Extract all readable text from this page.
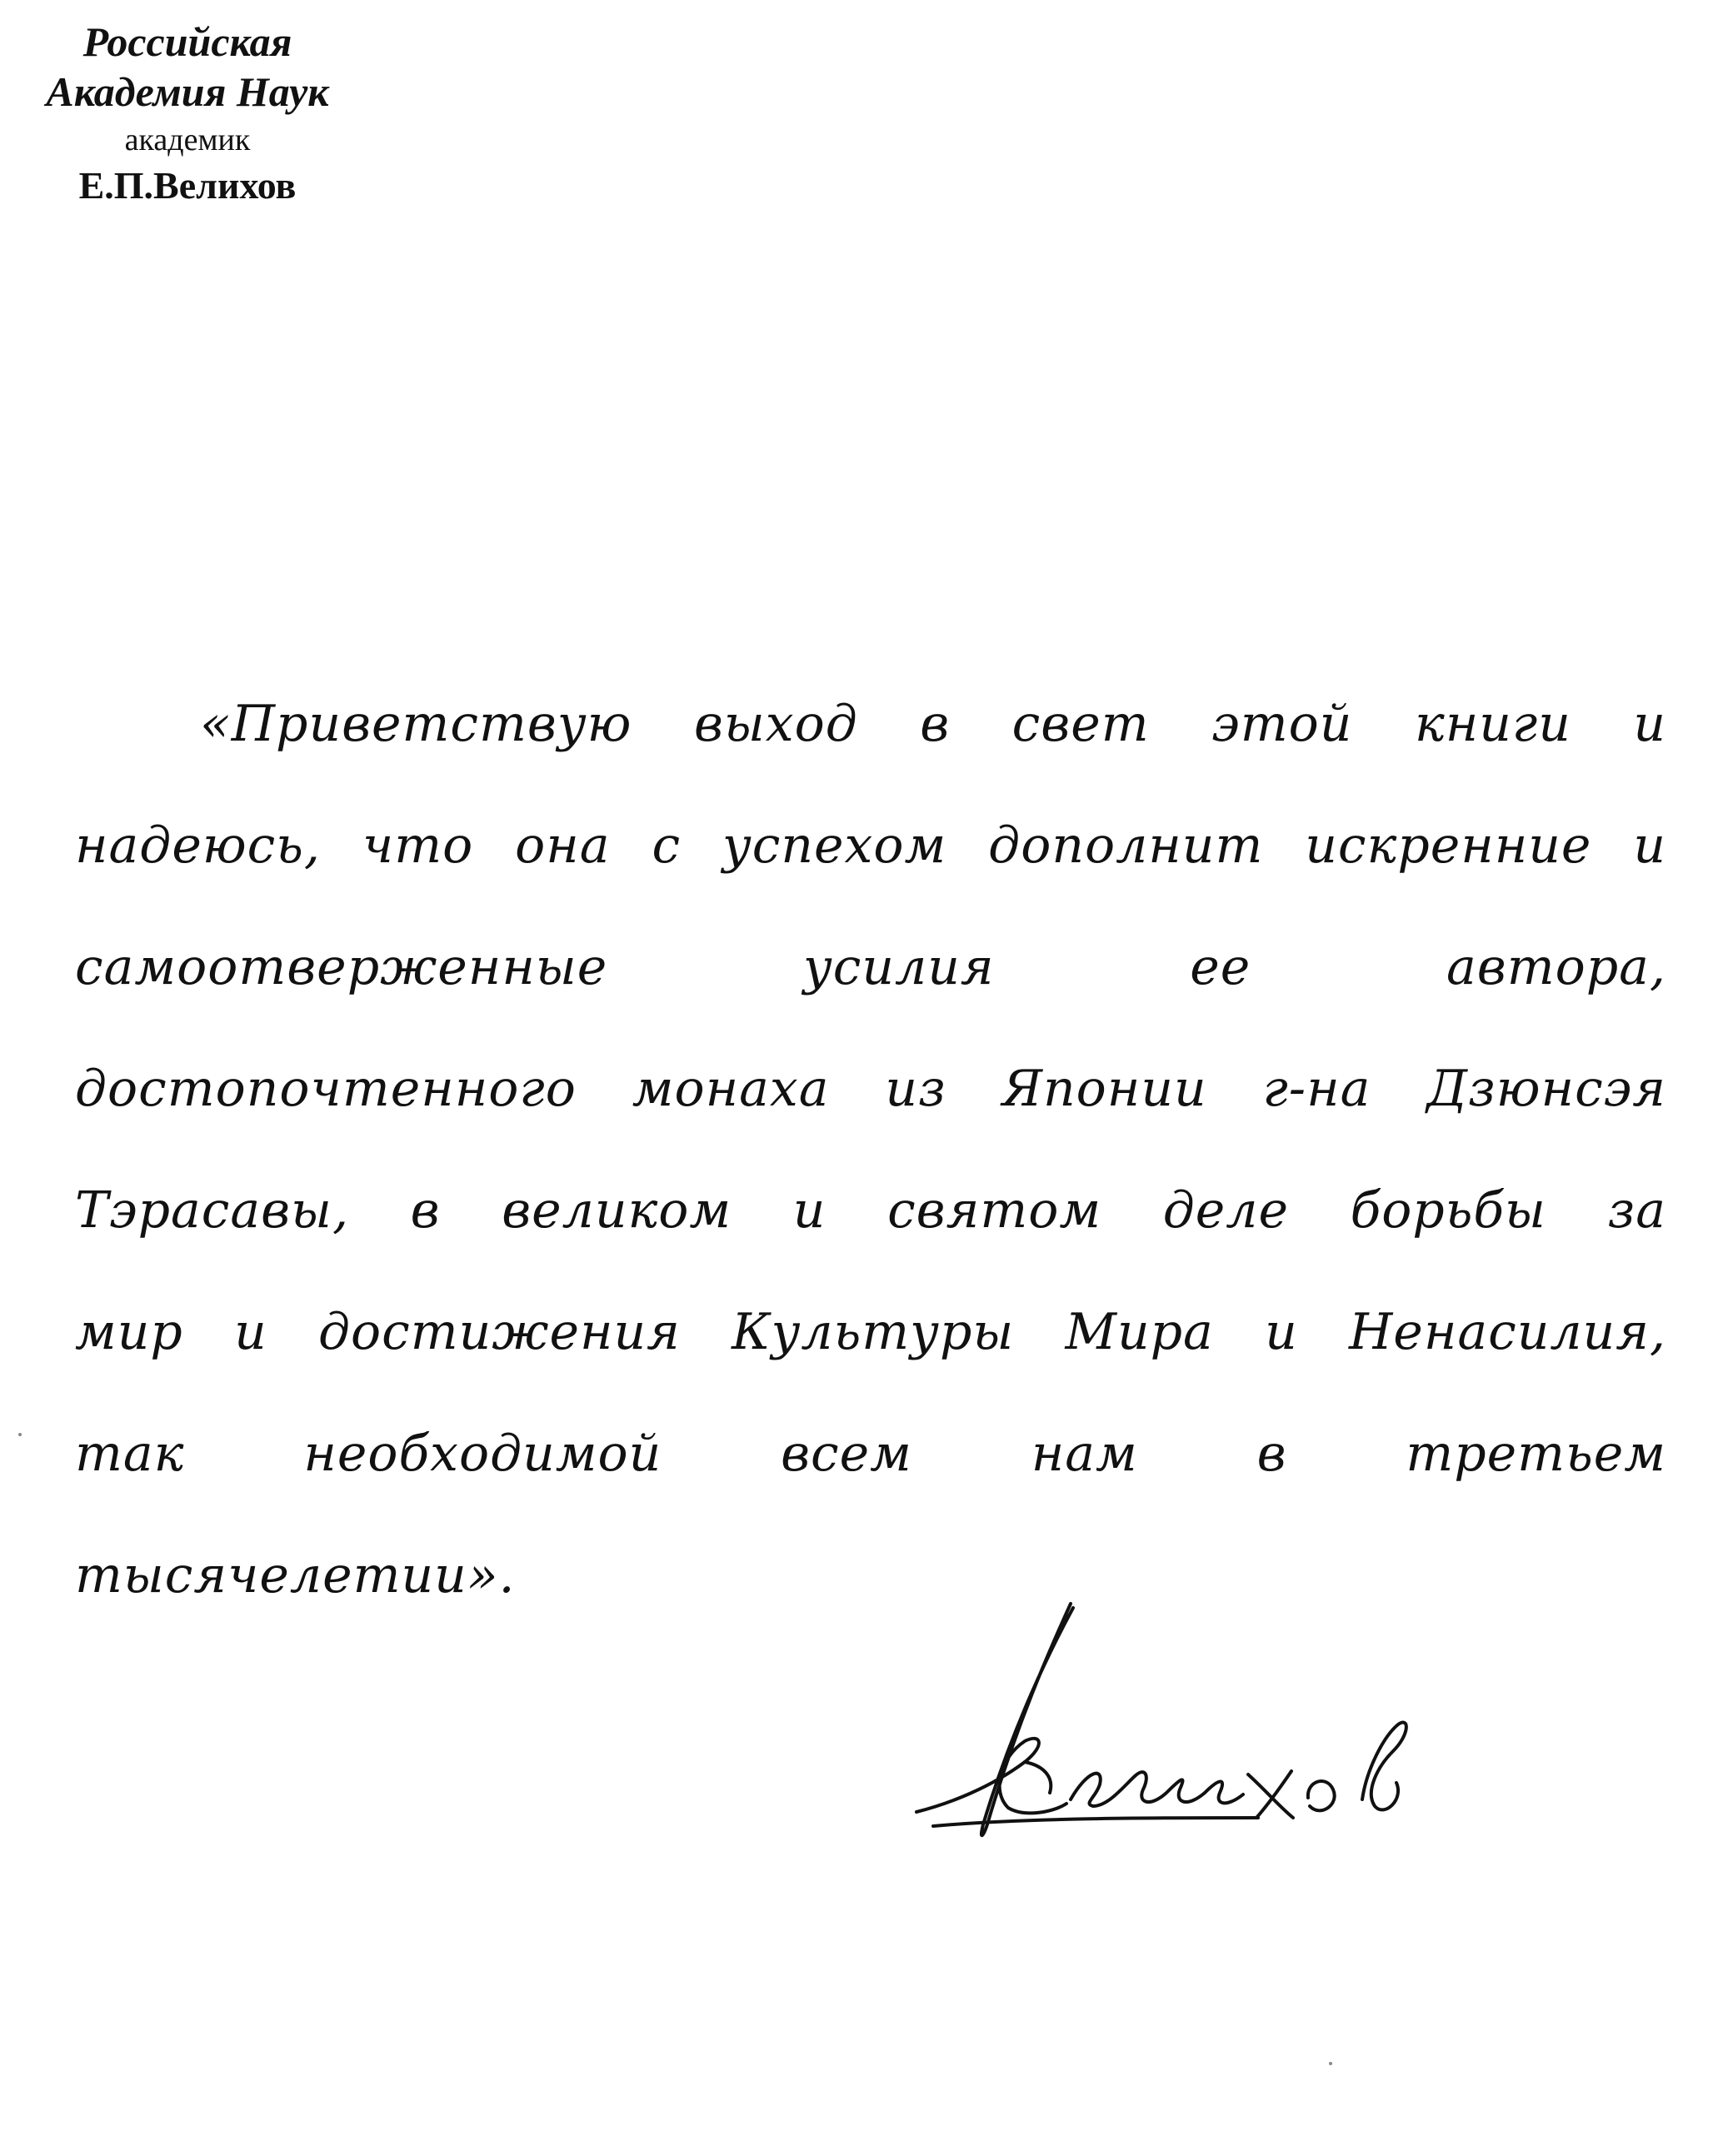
Российская
Академия Наук
академик
Е.П.Велихов
«Приветствую выход в свет этой книги и
надеюсь, что она с успехом дополнит искренние и
самоотверженные усилия ее автора,
достопочтенного монаха из Японии г-на Дзюнсэя
Тэрасавы, в великом и святом деле борьбы за
мир и достижения Культуры Мира и Ненасилия,
так необходимой всем нам в третьем
тысячелетии».
